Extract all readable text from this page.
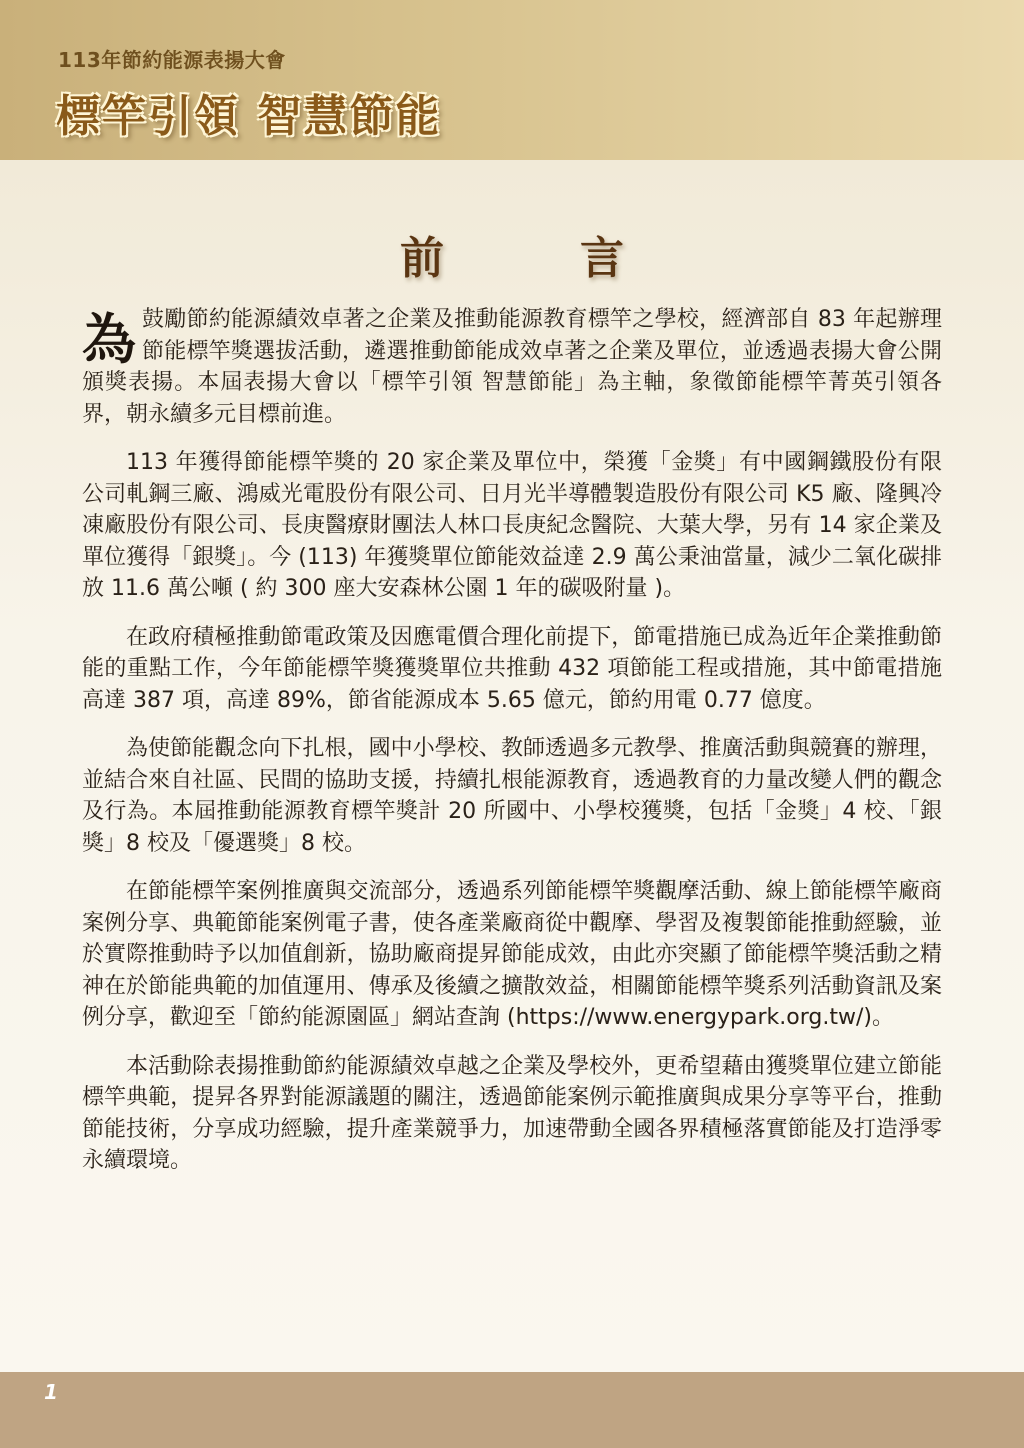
113年節約能源表揚大會
標竿引領 智慧節能
前　言

為鼓勵節約能源績效卓著之企業及推動能源教育標竿之學校，經濟部自 83 年起辦理節能標竿獎選拔活動，遴選推動節能成效卓著之企業及單位，並透過表揚大會公開頒獎表揚。本屆表揚大會以「標竿引領 智慧節能」為主軸，象徵節能標竿菁英引領各界，朝永續多元目標前進。

113 年獲得節能標竿獎的 20 家企業及單位中，榮獲「金獎」有中國鋼鐵股份有限公司軋鋼三廠、鴻威光電股份有限公司、日月光半導體製造股份有限公司 K5 廠、隆興冷凍廠股份有限公司、長庚醫療財團法人林口長庚紀念醫院、大葉大學，另有 14 家企業及單位獲得「銀獎」。今 (113) 年獲獎單位節能效益達 2.9 萬公秉油當量，減少二氧化碳排放 11.6 萬公噸 ( 約 300 座大安森林公園 1 年的碳吸附量 )。

在政府積極推動節電政策及因應電價合理化前提下，節電措施已成為近年企業推動節能的重點工作，今年節能標竿獎獲獎單位共推動 432 項節能工程或措施，其中節電措施高達 387 項，高達 89%，節省能源成本 5.65 億元，節約用電 0.77 億度。

為使節能觀念向下扎根，國中小學校、教師透過多元教學、推廣活動與競賽的辦理，並結合來自社區、民間的協助支援，持續扎根能源教育，透過教育的力量改變人們的觀念及行為。本屆推動能源教育標竿獎計 20 所國中、小學校獲獎，包括「金獎」4 校、「銀獎」8 校及「優選獎」8 校。

在節能標竿案例推廣與交流部分，透過系列節能標竿獎觀摩活動、線上節能標竿廠商案例分享、典範節能案例電子書，使各產業廠商從中觀摩、學習及複製節能推動經驗，並於實際推動時予以加值創新，協助廠商提昇節能成效，由此亦突顯了節能標竿獎活動之精神在於節能典範的加值運用、傳承及後續之擴散效益，相關節能標竿獎系列活動資訊及案例分享，歡迎至「節約能源園區」網站查詢 (https://www.energypark.org.tw/)。

本活動除表揚推動節約能源績效卓越之企業及學校外，更希望藉由獲獎單位建立節能標竿典範，提昇各界對能源議題的關注，透過節能案例示範推廣與成果分享等平台，推動節能技術，分享成功經驗，提升產業競爭力，加速帶動全國各界積極落實節能及打造淨零永續環境。

1
